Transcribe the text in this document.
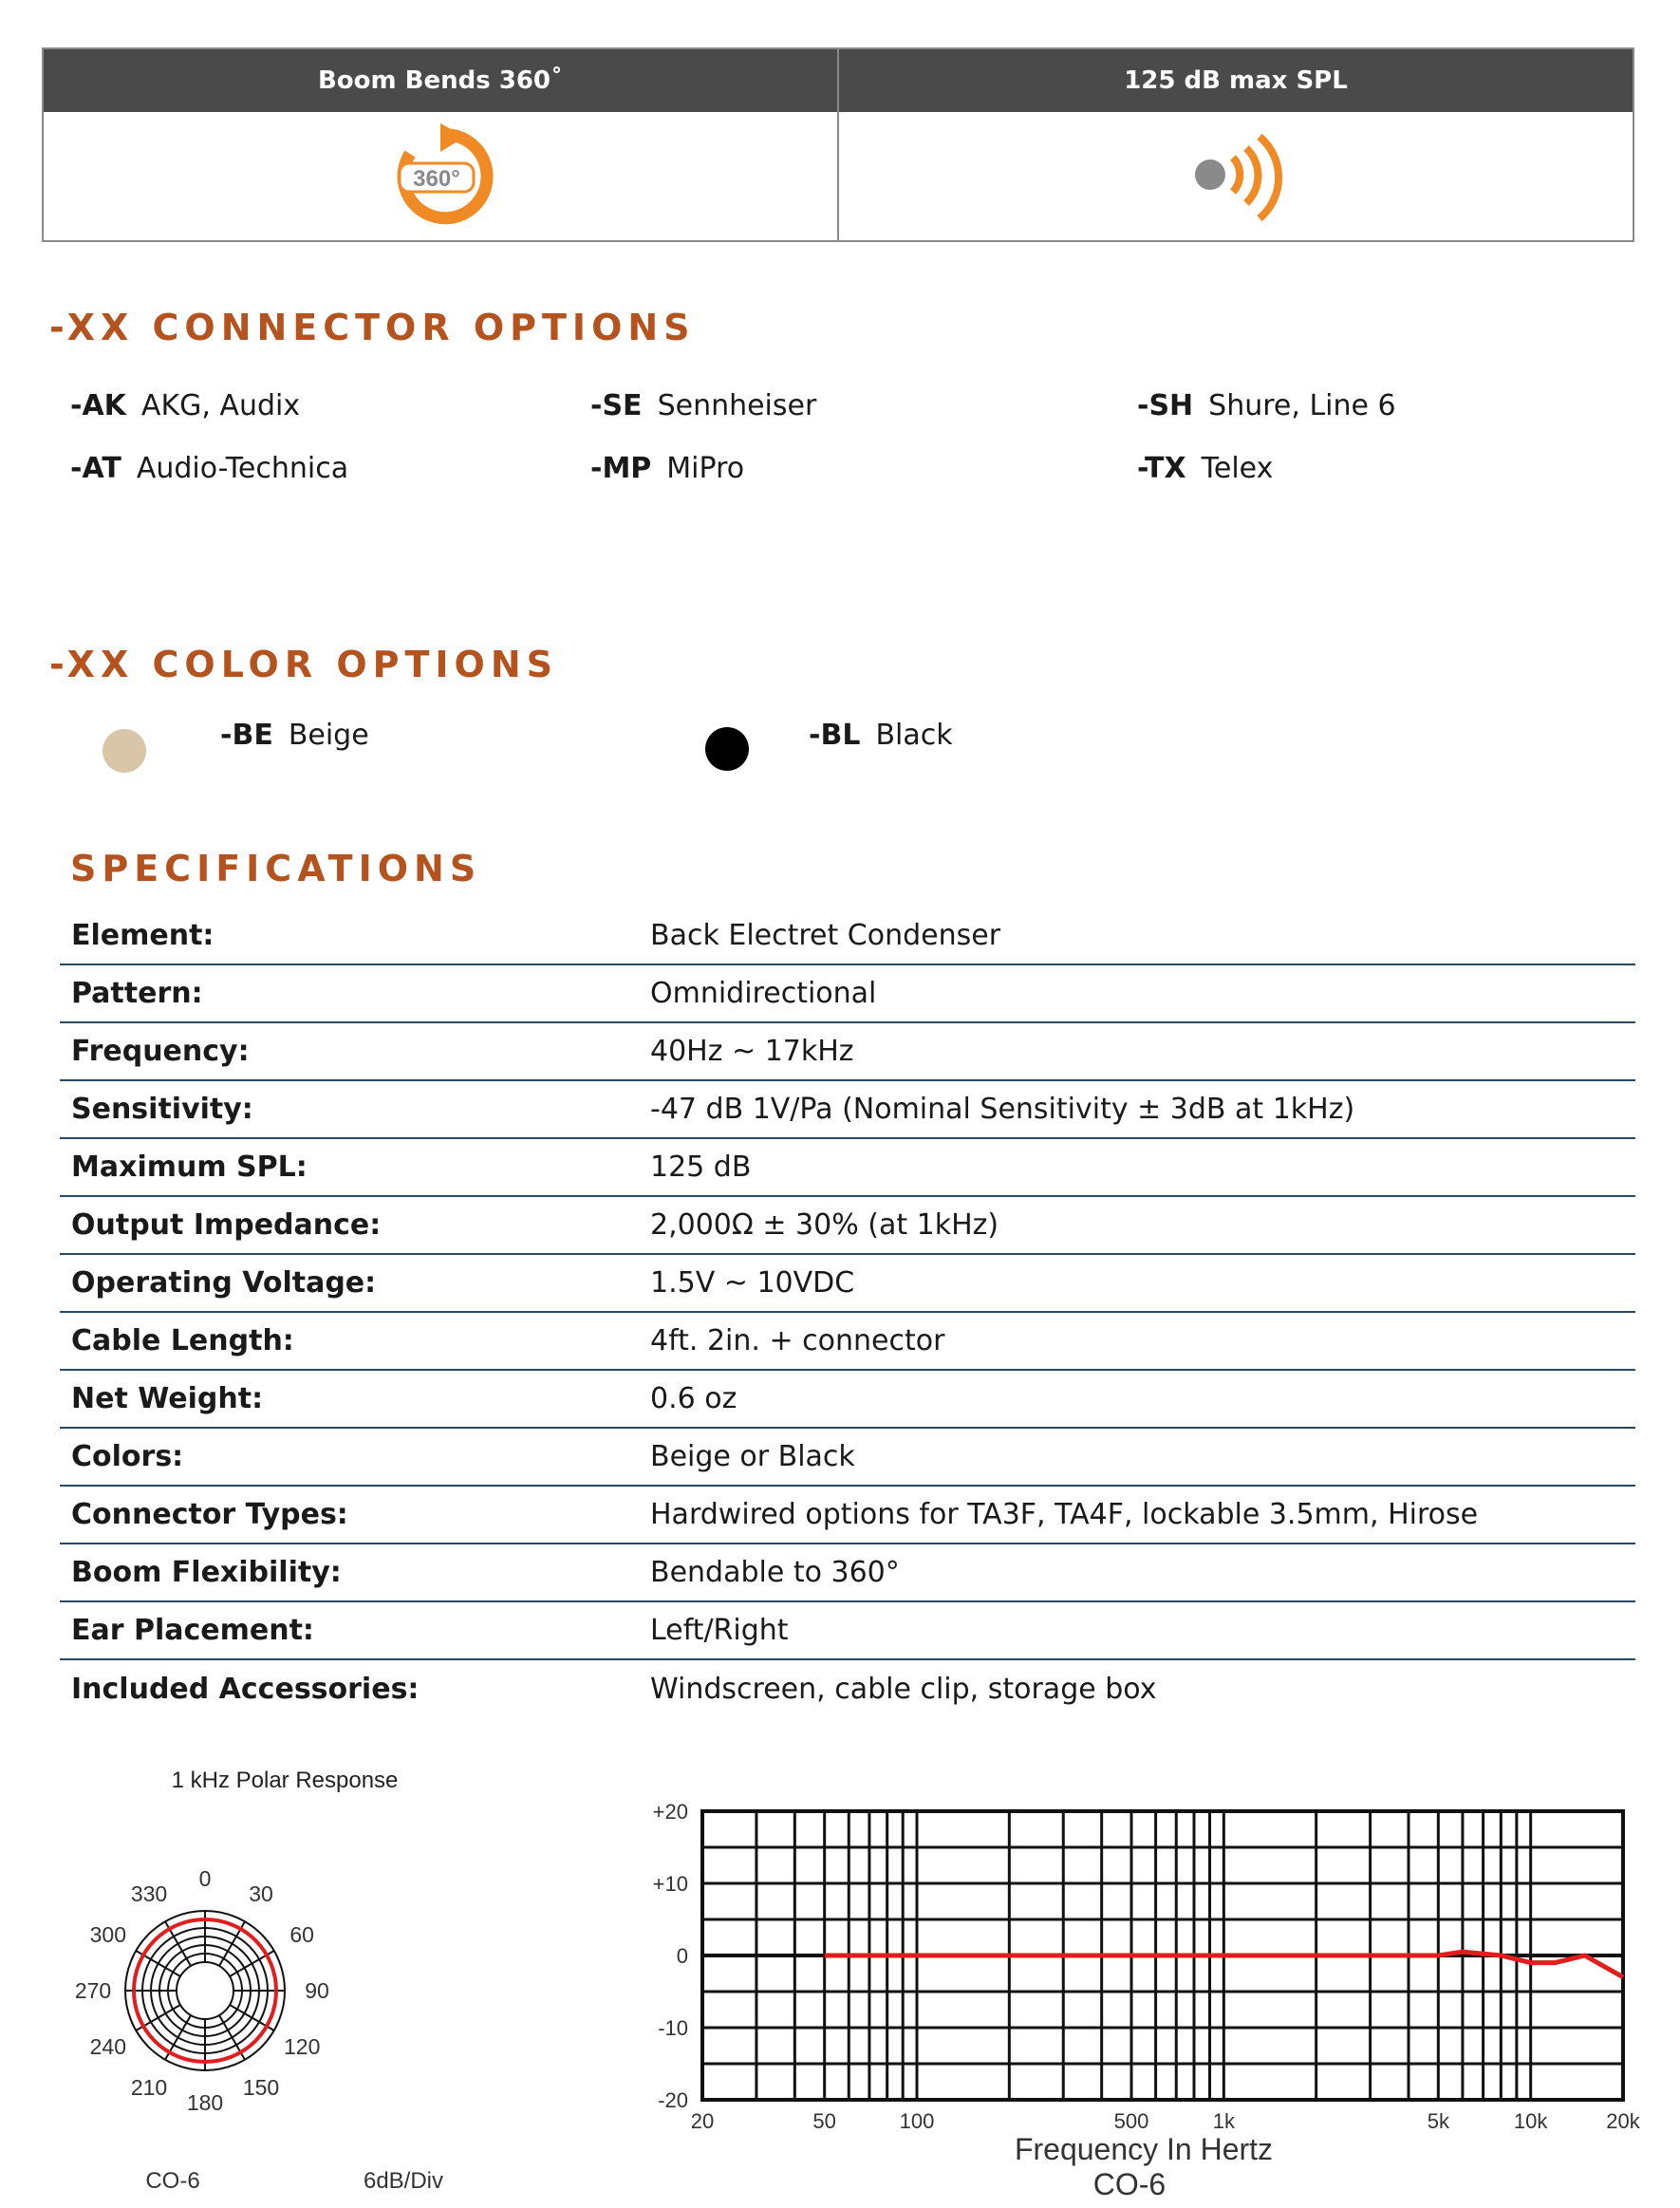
Boom Bends 360˚
360°
125 dB max SPL
-XX CONNECTOR OPTIONS
-AK AKG, Audix	-SE Sennheiser	-SH Shure, Line 6
-AT Audio-Technica	-MP MiPro	-TX Telex
-XX COLOR OPTIONS
-BE Beige	-BL Black
SPECIFICATIONS
Element:	Back Electret Condenser
Pattern:	Omnidirectional
Frequency:	40Hz ~ 17kHz
Sensitivity:	-47 dB 1V/Pa (Nominal Sensitivity ± 3dB at 1kHz)
Maximum SPL:	125 dB
Output Impedance:	2,000Ω ± 30% (at 1kHz)
Operating Voltage:	1.5V ~ 10VDC
Cable Length:	4ft. 2in. + connector
Net Weight:	0.6 oz
Colors:	Beige or Black
Connector Types:	Hardwired options for TA3F, TA4F, lockable 3.5mm, Hirose
Boom Flexibility:	Bendable to 360°
Ear Placement:	Left/Right
Included Accessories:	Windscreen, cable clip, storage box
1 kHz Polar Response
0
30
60
90
120
150
180
210
240
270
300
330
CO-6	6dB/Div
+20
+10
0
-10
-20
20	50	100	500	1k	5k	10k	20k
Frequency In Hertz
CO-6
